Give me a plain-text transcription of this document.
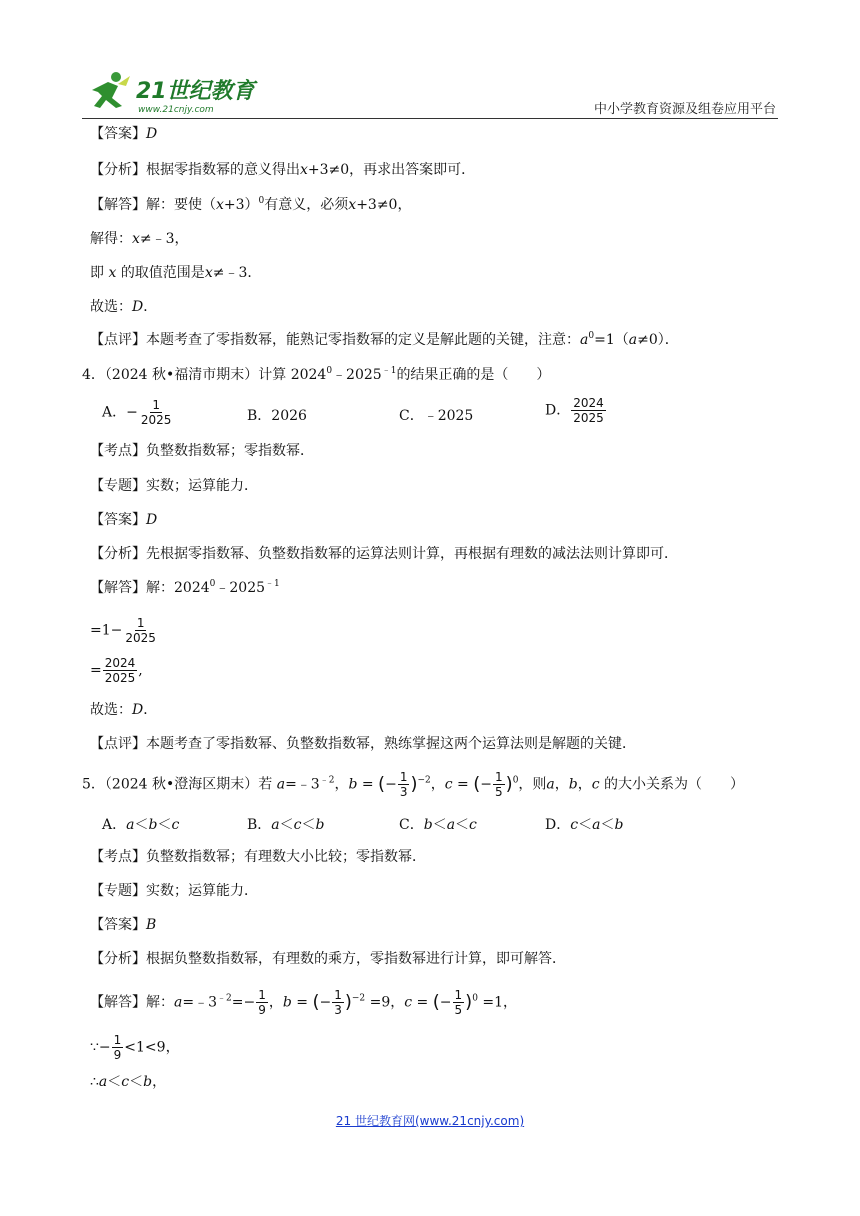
21世纪教育
www.21cnjy.com	中小学教育资源及组卷应用平台
【答案】D
【分析】根据零指数幂的意义得出x+3≠0，再求出答案即可．
【解答】解：要使$(x+3)^0$有意义，必须x+3≠0，
解得：x≠﹣3，
即 x 的取值范围是x≠﹣3．
故选：D．
【点评】本题考查了零指数幂，能熟记零指数幂的定义是解此题的关键，注意：$a^0=1(a\ne 0)$．
4．（2024 秋•福清市期末）计算 $2024^0﹣2025^{﹣1}$的结果正确的是（　　）
A．− $\frac{1}{2025}$	B．2026	C．﹣2025	D． $\frac{2024}{2025}$
【考点】负整数指数幂；零指数幂．
【专题】实数；运算能力．
【答案】D
【分析】先根据零指数幂、负整数指数幂的运算法则计算，再根据有理数的减法法则计算即可．
【解答】解：$2024^0﹣2025^{﹣1}$
$=1- \frac{1}{2025}$
= $\frac{2024}{2025}$ ,
故选：D．
【点评】本题考查了零指数幂、负整数指数幂，熟练掌握这两个运算法则是解题的关键．
5．（2024 秋•澄海区期末）若 $a=﹣3^{﹣2}$，b = (− $\frac{1}{3} )^{-2}$，c = (− $\frac{1}{5} )^0$，则a，b，c 的大小关系为（　　）
A．a＜b＜c	B．a＜c＜b	C．b＜a＜c	D．c＜a＜b
【考点】负整数指数幂；有理数大小比较；零指数幂．
【专题】实数；运算能力．
【答案】B
【分析】根据负整数指数幂，有理数的乘方，零指数幂进行计算，即可解答．
【解答】解：$a=﹣3^{﹣2}=- \frac{1}{9}$ ，b = (− $\frac{1}{3} )^{-2} =9$，c = (− $\frac{1}{5} )^0 =1$，
∵− $\frac{1}{9} <1<9$，
∴a＜c＜b，
21 世纪教育网(www.21cnjy.com)
